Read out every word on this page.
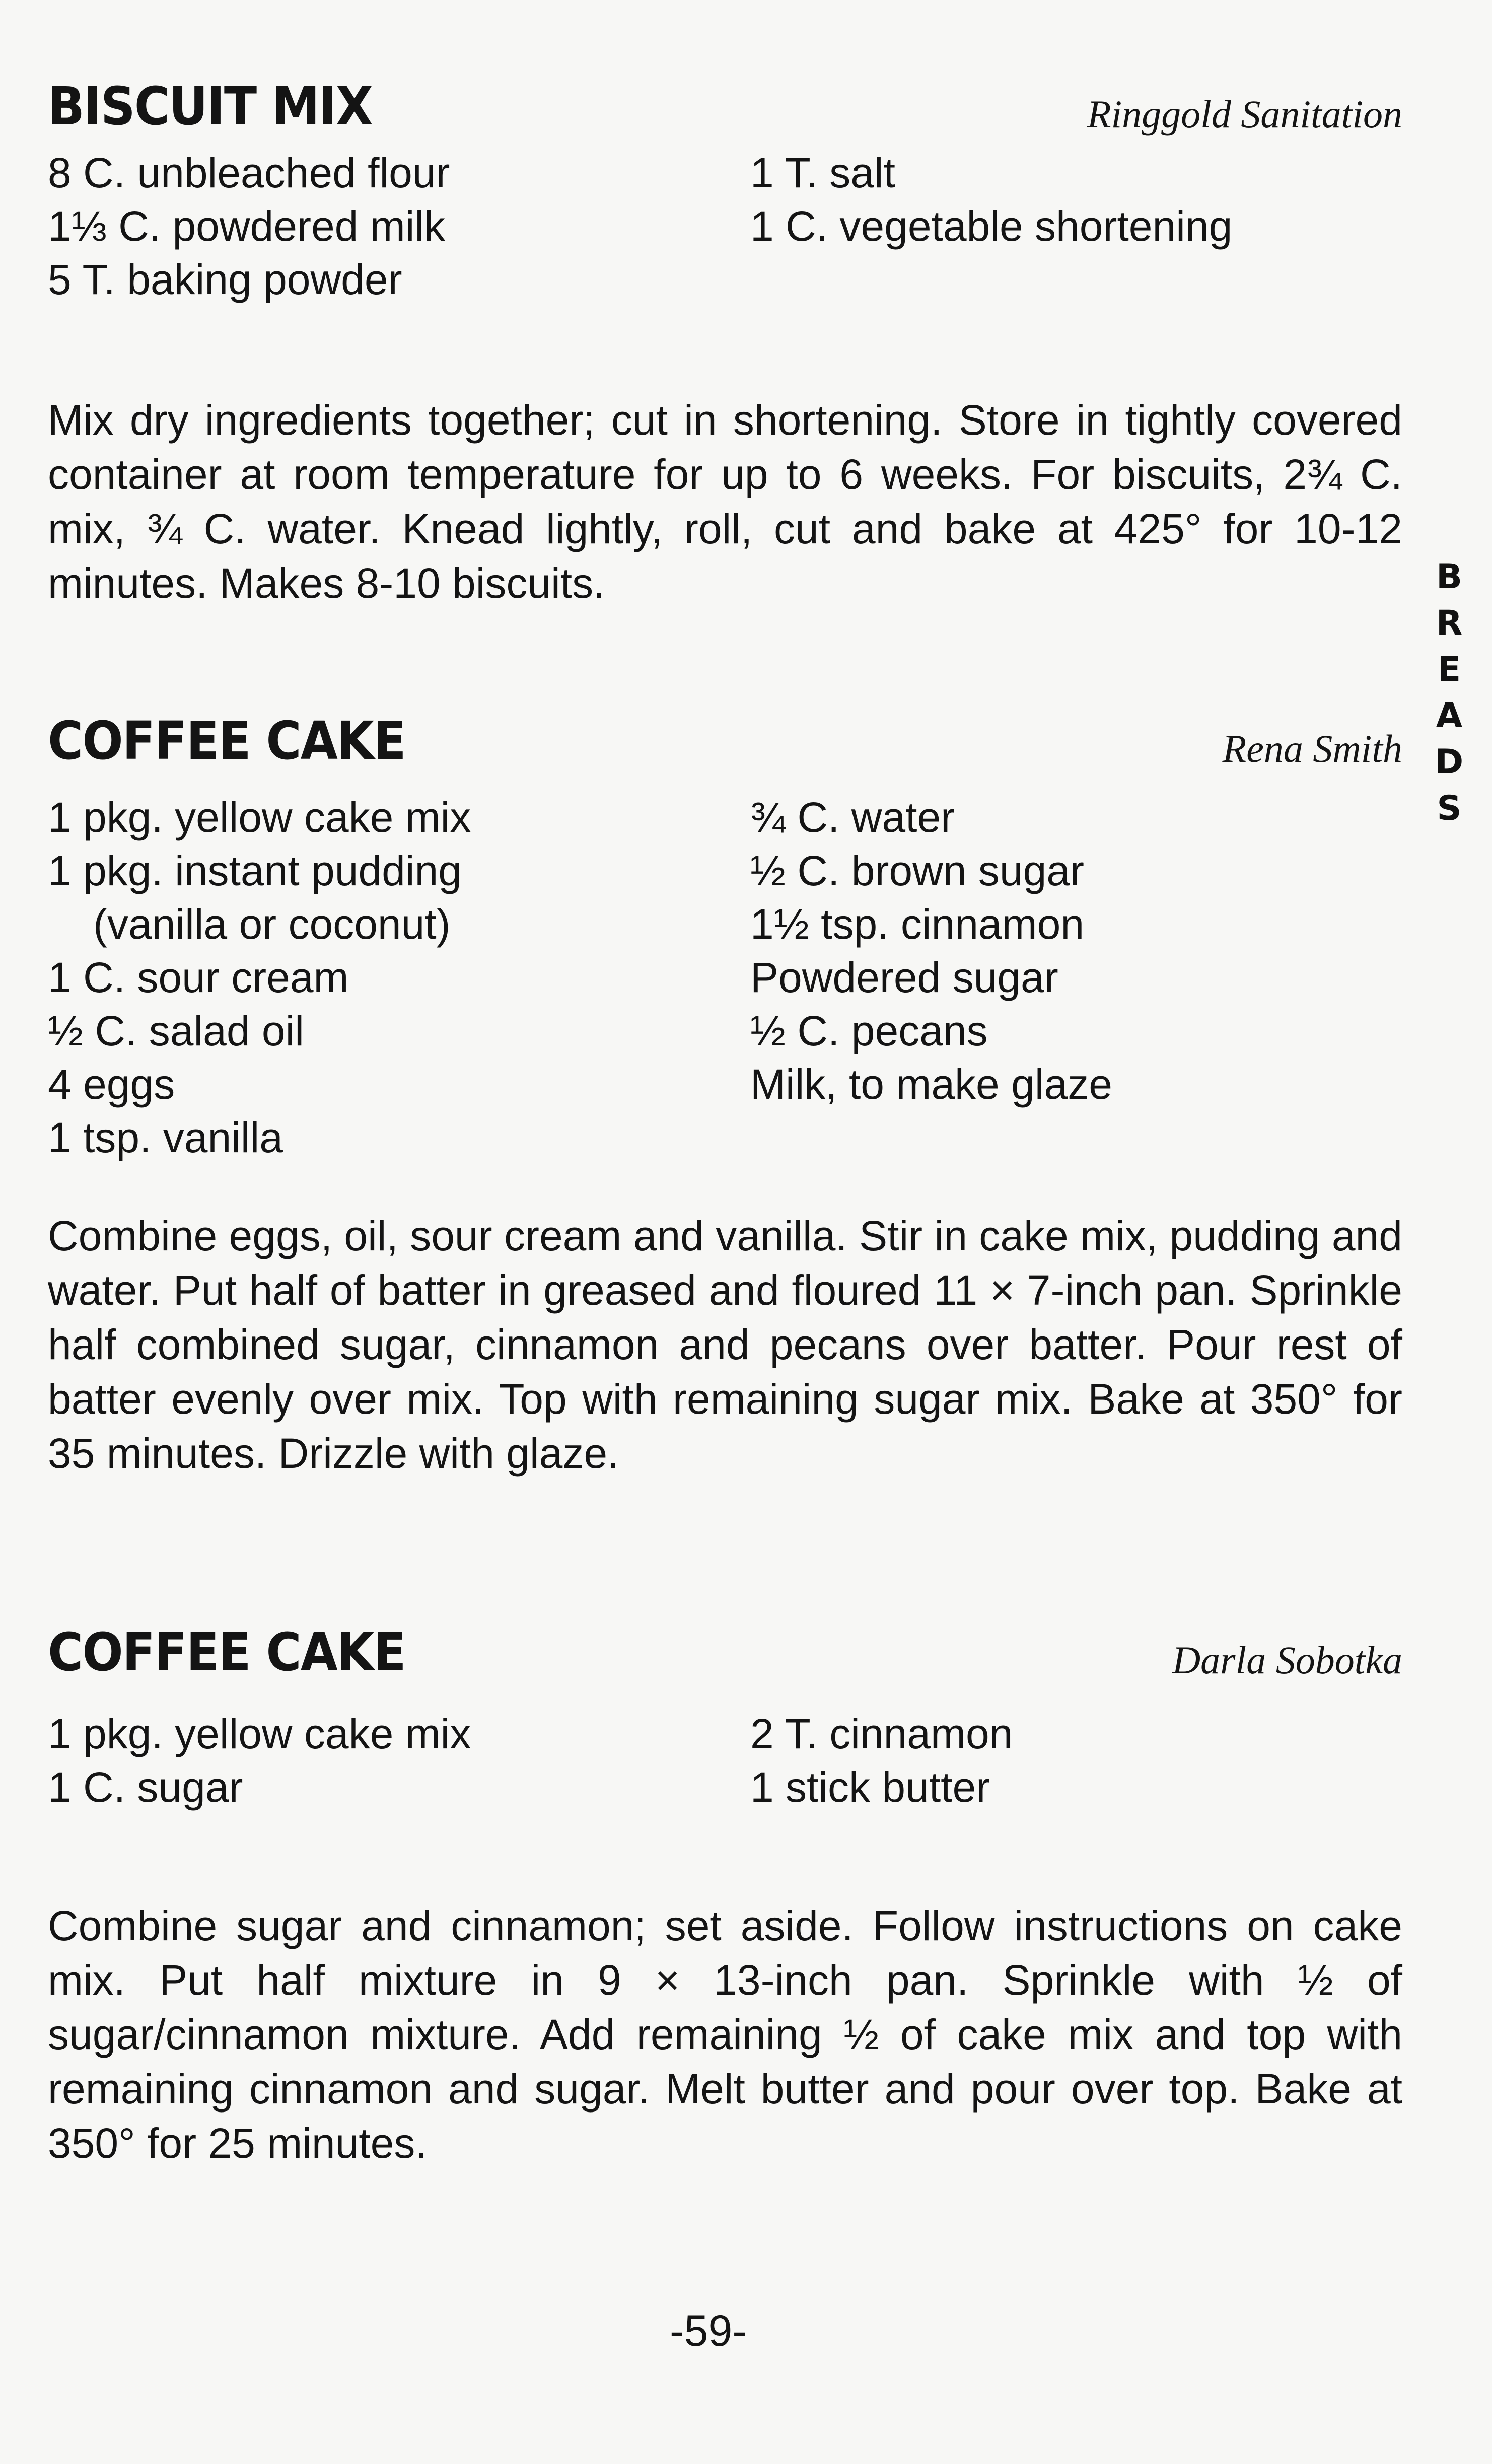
BISCUIT MIX	Ringgold Sanitation
8 C. unbleached flour
1⅓ C. powdered milk
5 T. baking powder
1 T. salt
1 C. vegetable shortening
Mix dry ingredients together; cut in shortening. Store in tightly covered container at room temperature for up to 6 weeks. For biscuits, 2¾ C. mix, ¾ C. water. Knead lightly, roll, cut and bake at 425° for 10-12 minutes. Makes 8-10 biscuits.
COFFEE CAKE	Rena Smith
1 pkg. yellow cake mix
1 pkg. instant pudding
(vanilla or coconut)
1 C. sour cream
½ C. salad oil
4 eggs
1 tsp. vanilla
¾ C. water
½ C. brown sugar
1½ tsp. cinnamon
Powdered sugar
½ C. pecans
Milk, to make glaze
Combine eggs, oil, sour cream and vanilla. Stir in cake mix, pudding and water. Put half of batter in greased and floured 11 × 7-inch pan. Sprinkle half combined sugar, cinnamon and pecans over batter. Pour rest of batter evenly over mix. Top with remaining sugar mix. Bake at 350° for 35 minutes. Drizzle with glaze.
COFFEE CAKE	Darla Sobotka
1 pkg. yellow cake mix
1 C. sugar
2 T. cinnamon
1 stick butter
Combine sugar and cinnamon; set aside. Follow instructions on cake mix. Put half mixture in 9 × 13-inch pan. Sprinkle with ½ of sugar/cinnamon mixture. Add remaining ½ of cake mix and top with remaining cinnamon and sugar. Melt butter and pour over top. Bake at 350° for 25 minutes.
B
R
E
A
D
S
-59-
